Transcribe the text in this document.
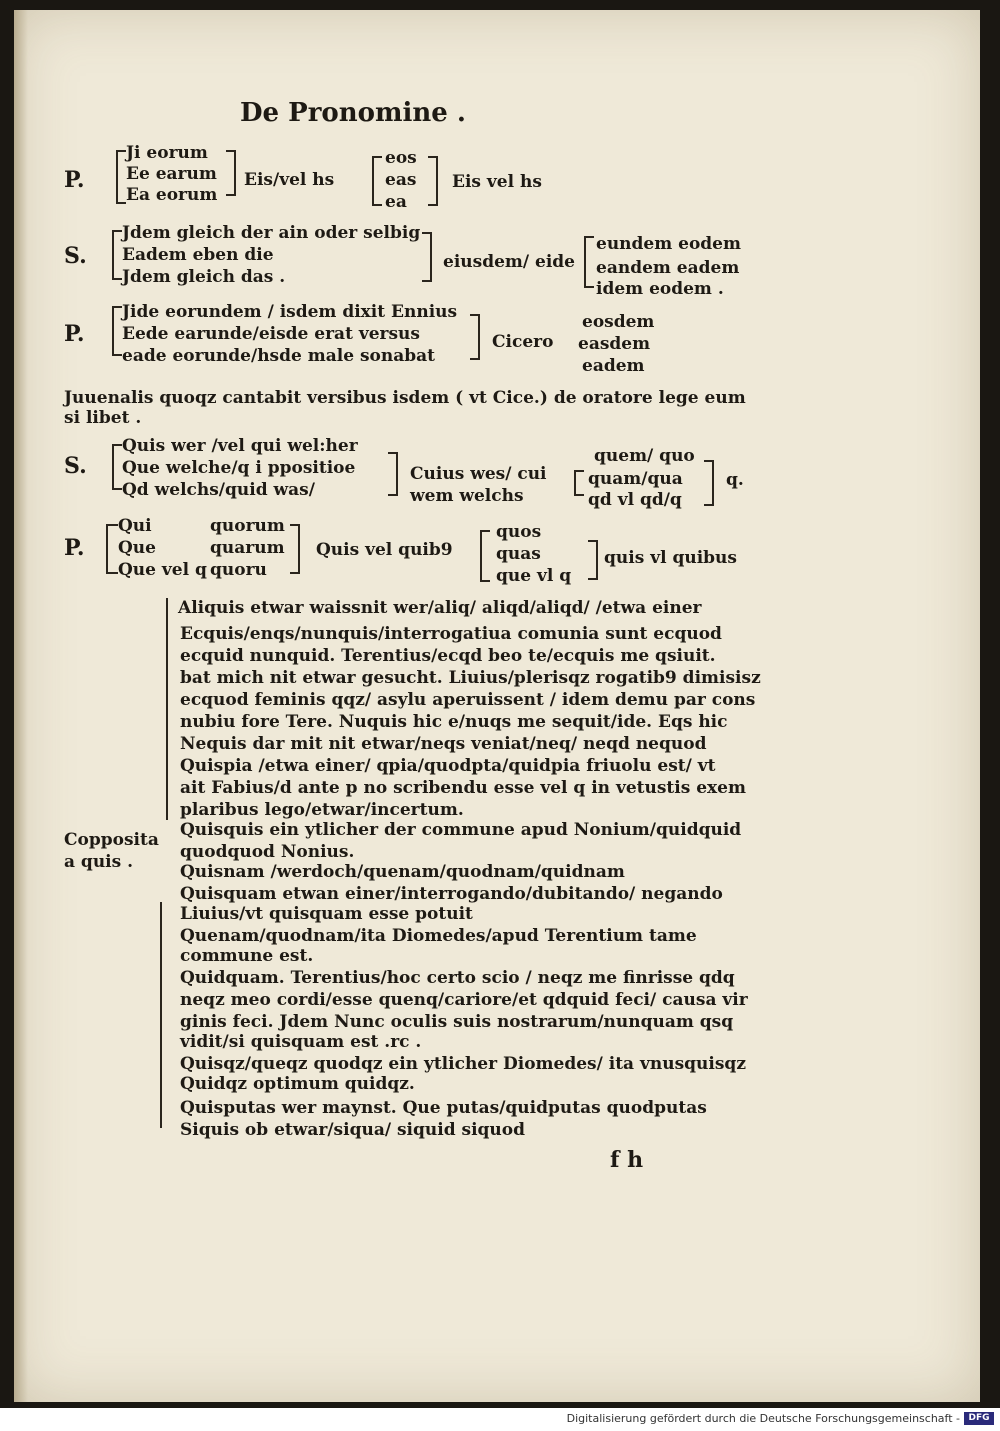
De Pronomine .
P.
Ji eorum
Ee earum
Ea eorum
Eis/vel hs
eos
eas
ea
Eis vel hs
S.
Jdem gleich der ain oder selbig
Eadem eben die
Jdem gleich das .
eiusdem/ eide
eundem eodem
eandem eadem
idem eodem .
P.
Jide eorundem / isdem dixit Ennius
Eede earunde/eisde erat versus
eade eorunde/hsde male sonabat
Cicero
eosdem
easdem
eadem
Juuenalis quoqz cantabit versibus isdem ( vt Cice.) de oratore lege eum
si libet .
S.
Quis wer /vel qui wel:her
Que welche/q i ppositioe
Qd welchs/quid was/
Cuius wes/ cui
wem welchs
quem/ quo
quam/qua
qd vl qd/q
q.
P.
Qui
Que
Que vel q
quorum
quarum
quoru
Quis vel quib9
quos
quas
que vl q
quis vl quibus
Aliquis etwar waissnit wer/aliq/ aliqd/aliqd/ /etwa einer
Ecquis/enqs/nunquis/interrogatiua comunia sunt ecquod
ecquid nunquid. Terentius/ecqd beo te/ecquis me qsiuit.
bat mich nit etwar gesucht. Liuius/plerisqz rogatib9 dimisisz
ecquod feminis qqz/ asylu aperuissent / idem demu par cons
nubiu fore Tere. Nuquis hic e/nuqs me sequit/ide. Eqs hic
Nequis dar mit nit etwar/neqs veniat/neq/ neqd nequod
Quispia /etwa einer/ qpia/quodpta/quidpia friuolu est/ vt
ait Fabius/d ante p no scribendu esse vel q in vetustis exem
plaribus lego/etwar/incertum.
Copposita
a quis .
Quisquis ein ytlicher der commune apud Nonium/quidquid
quodquod Nonius.
Quisnam /werdoch/quenam/quodnam/quidnam
Quisquam etwan einer/interrogando/dubitando/ negando
Liuius/vt quisquam esse potuit
Quenam/quodnam/ita Diomedes/apud Terentium tame
commune est.
Quidquam. Terentius/hoc certo scio / neqz me finrisse qdq
neqz meo cordi/esse quenq/cariore/et qdquid feci/ causa vir
ginis feci. Jdem Nunc oculis suis nostrarum/nunquam qsq
vidit/si quisquam est .rc .
Quisqz/queqz quodqz ein ytlicher Diomedes/ ita vnusquisqz
Quidqz optimum quidqz.
Quisputas wer maynst. Que putas/quidputas quodputas
Siquis ob etwar/siqua/ siquid siquod
f h
Digitalisierung gefördert durch die Deutsche Forschungsgemeinschaft - DFG
